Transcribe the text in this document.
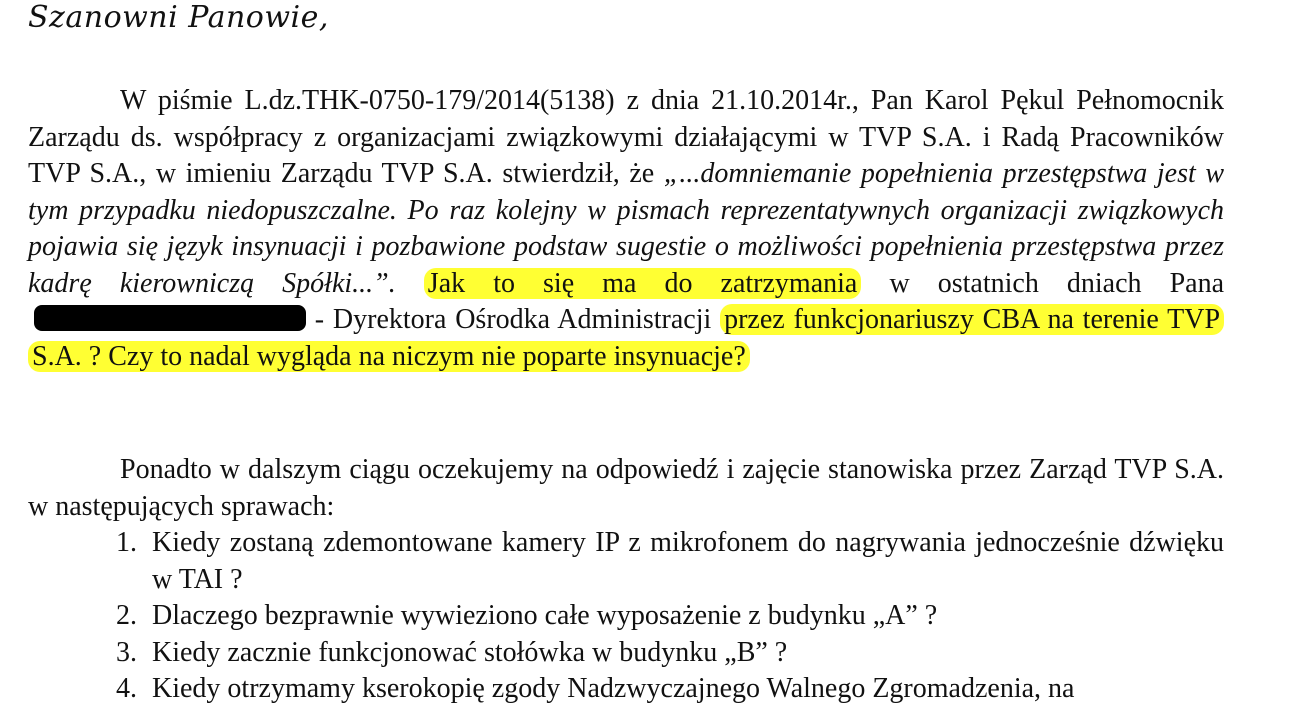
Szanowni Panowie,
W piśmie L.dz.THK-0750-179/2014(5138) z dnia 21.10.2014r., Pan Karol Pękul Pełnomocnik Zarządu ds. współpracy z organizacjami związkowymi działającymi w TVP S.A. i Radą Pracowników TVP S.A., w imieniu Zarządu TVP S.A. stwierdził, że „...domniemanie popełnienia przestępstwa jest w tym przypadku niedopuszczalne. Po raz kolejny w pismach reprezentatywnych organizacji związkowych pojawia się język insynuacji i pozbawione podstaw sugestie o możliwości popełnienia przestępstwa przez kadrę kierowniczą Spółki...”. Jak to się ma do zatrzymania w ostatnich dniach Pana - Dyrektora Ośrodka Administracji przez funkcjonariuszy CBA na terenie TVP S.A. ? Czy to nadal wygląda na niczym nie poparte insynuacje?
Ponadto w dalszym ciągu oczekujemy na odpowiedź i zajęcie stanowiska przez Zarząd TVP S.A. w następujących sprawach:
1. Kiedy zostaną zdemontowane kamery IP z mikrofonem do nagrywania jednocześnie dźwięku w TAI ?
2. Dlaczego bezprawnie wywieziono całe wyposażenie z budynku „A” ?
3. Kiedy zacznie funkcjonować stołówka w budynku „B” ?
4. Kiedy otrzymamy kserokopię zgody Nadzwyczajnego Walnego Zgromadzenia, na
